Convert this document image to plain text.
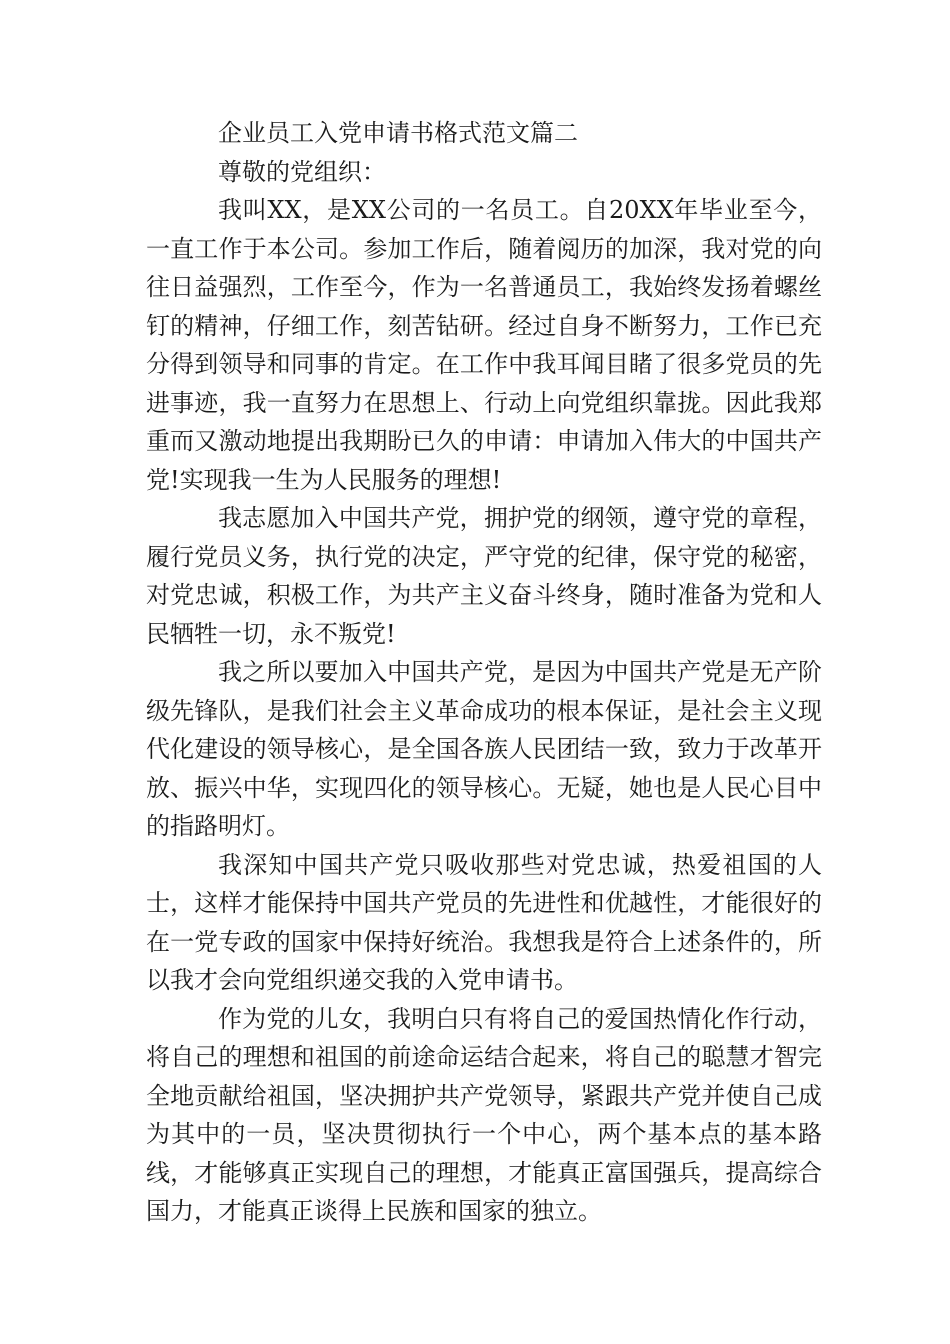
企业员工入党申请书格式范文篇二

尊敬的党组织：

我叫XX，是XX公司的一名员工。自20XX年毕业至今，一直工作于本公司。参加工作后，随着阅历的加深，我对党的向往日益强烈，工作至今，作为一名普通员工，我始终发扬着螺丝钉的精神，仔细工作，刻苦钻研。经过自身不断努力，工作已充分得到领导和同事的肯定。在工作中我耳闻目睹了很多党员的先进事迹，我一直努力在思想上、行动上向党组织靠拢。因此我郑重而又激动地提出我期盼已久的申请：申请加入伟大的中国共产党!实现我一生为人民服务的理想!

我志愿加入中国共产党，拥护党的纲领，遵守党的章程，履行党员义务，执行党的决定，严守党的纪律，保守党的秘密，对党忠诚，积极工作，为共产主义奋斗终身，随时准备为党和人民牺牲一切，永不叛党!

我之所以要加入中国共产党，是因为中国共产党是无产阶级先锋队，是我们社会主义革命成功的根本保证，是社会主义现代化建设的领导核心，是全国各族人民团结一致，致力于改革开放、振兴中华，实现四化的领导核心。无疑，她也是人民心目中的指路明灯。

我深知中国共产党只吸收那些对党忠诚，热爱祖国的人士，这样才能保持中国共产党员的先进性和优越性，才能很好的在一党专政的国家中保持好统治。我想我是符合上述条件的，所以我才会向党组织递交我的入党申请书。

作为党的儿女，我明白只有将自己的爱国热情化作行动，将自己的理想和祖国的前途命运结合起来，将自己的聪慧才智完全地贡献给祖国，坚决拥护共产党领导，紧跟共产党并使自己成为其中的一员，坚决贯彻执行一个中心，两个基本点的基本路线，才能够真正实现自己的理想，才能真正富国强兵，提高综合国力，才能真正谈得上民族和国家的独立。
